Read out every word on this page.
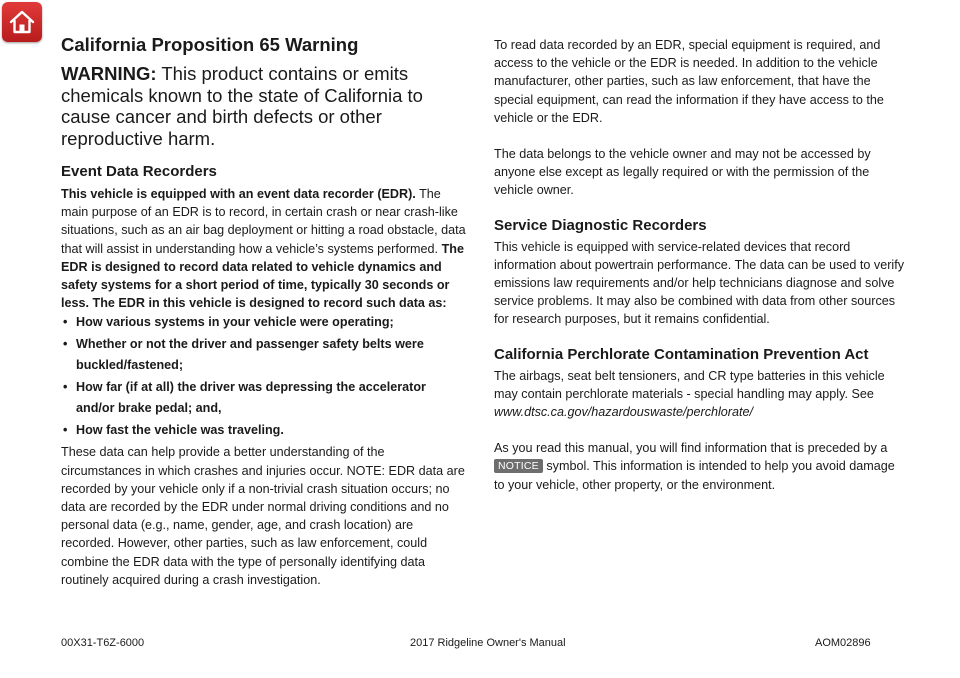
California Proposition 65 Warning
WARNING: This product contains or emits chemicals known to the state of California to cause cancer and birth defects or other reproductive harm.
Event Data Recorders

This vehicle is equipped with an event data recorder (EDR). The main purpose of an EDR is to record, in certain crash or near crash-like situations, such as an air bag deployment or hitting a road obstacle, data that will assist in understanding how a vehicle’s systems performed. The EDR is designed to record data related to vehicle dynamics and safety systems for a short period of time, typically 30 seconds or less. The EDR in this vehicle is designed to record such data as:

• How various systems in your vehicle were operating;
• Whether or not the driver and passenger safety belts were buckled/fastened;
• How far (if at all) the driver was depressing the accelerator and/or brake pedal; and,
• How fast the vehicle was traveling.

These data can help provide a better understanding of the circumstances in which crashes and injuries occur. NOTE: EDR data are recorded by your vehicle only if a non-trivial crash situation occurs; no data are recorded by the EDR under normal driving conditions and no personal data (e.g., name, gender, age, and crash location) are recorded. However, other parties, such as law enforcement, could combine the EDR data with the type of personally identifying data routinely acquired during a crash investigation.

To read data recorded by an EDR, special equipment is required, and access to the vehicle or the EDR is needed. In addition to the vehicle manufacturer, other parties, such as law enforcement, that have the special equipment, can read the information if they have access to the vehicle or the EDR.

The data belongs to the vehicle owner and may not be accessed by anyone else except as legally required or with the permission of the vehicle owner.

Service Diagnostic Recorders

This vehicle is equipped with service-related devices that record information about powertrain performance. The data can be used to verify emissions law requirements and/or help technicians diagnose and solve service problems. It may also be combined with data from other sources for research purposes, but it remains confidential.

California Perchlorate Contamination Prevention Act

The airbags, seat belt tensioners, and CR type batteries in this vehicle may contain perchlorate materials - special handling may apply. See www.dtsc.ca.gov/hazardouswaste/perchlorate/

As you read this manual, you will find information that is preceded by a NOTICE symbol. This information is intended to help you avoid damage to your vehicle, other property, or the environment.

00X31-T6Z-6000	2017 Ridgeline Owner's Manual	AOM02896
